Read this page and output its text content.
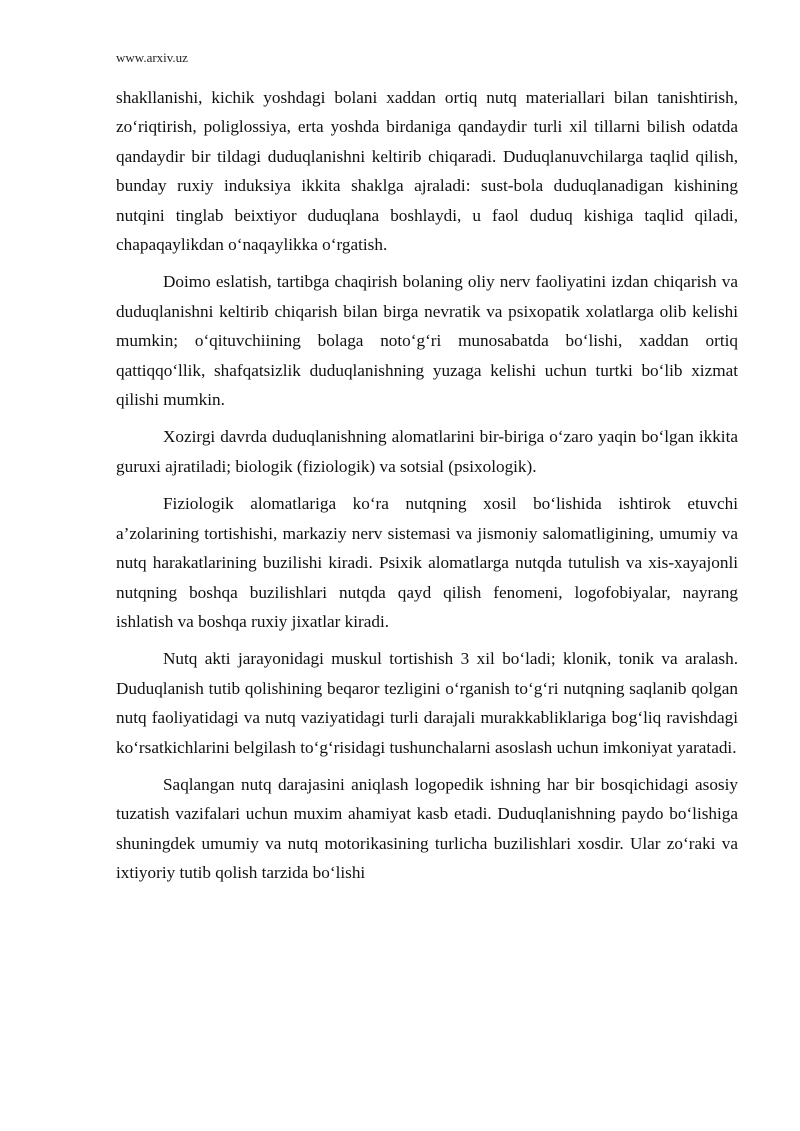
www.arxiv.uz

shakllanishi, kichik yoshdagi bolani xaddan ortiq nutq materiallari bilan tanishtirish, zo‘riqtirish, poliglossiya, erta yoshda birdaniga qandaydir turli xil tillarni bilish odatda qandaydir bir tildagi duduqlanishni keltirib chiqaradi. Duduqlanuvchilarga taqlid qilish, bunday ruxiy induksiya ikkita shaklga ajraladi: sust-bola duduqlanadigan kishining nutqini tinglab beixtiyor duduqlana boshlaydi, u faol duduq kishiga taqlid qiladi, chapaqaylikdan o‘naqaylikka o‘rgatish.

Doimo eslatish, tartibga chaqirish bolaning oliy nerv faoliyatini izdan chiqarish va duduqlanishni keltirib chiqarish bilan birga nevratik va psixopatik xolatlarga olib kelishi mumkin; o‘qituvchiining bolaga noto‘g‘ri munosabatda bo‘lishi, xaddan ortiq qattiqqo‘llik, shafqatsizlik duduqlanishning yuzaga kelishi uchun turtki bo‘lib xizmat qilishi mumkin.

Xozirgi davrda duduqlanishning alomatlarini bir-biriga o‘zaro yaqin bo‘lgan ikkita guruxi ajratiladi; biologik (fiziologik) va sotsial (psixologik).

Fiziologik alomatlariga ko‘ra nutqning xosil bo‘lishida ishtirok etuvchi a’zolarining tortishishi, markaziy nerv sistemasi va jismoniy salomatligining, umumiy va nutq harakatlarining buzilishi kiradi. Psixik alomatlarga nutqda tutulish va xis-xayajonli nutqning boshqa buzilishlari nutqda qayd qilish fenomeni, logofobiyalar, nayrang ishlatish va boshqa ruxiy jixatlar kiradi.

Nutq akti jarayonidagi muskul tortishish 3 xil bo‘ladi; klonik, tonik va aralash. Duduqlanish tutib qolishining beqaror tezligini o‘rganish to‘g‘ri nutqning saqlanib qolgan nutq faoliyatidagi va nutq vaziyatidagi turli darajali murakkabliklariga bog‘liq ravishdagi ko‘rsatkichlarini belgilash to‘g‘risidagi tushunchalarni asoslash uchun imkoniyat yaratadi.

Saqlangan nutq darajasini aniqlash logopedik ishning har bir bosqichidagi asosiy tuzatish vazifalari uchun muxim ahamiyat kasb etadi. Duduqlanishning paydo bo‘lishiga shuningdek umumiy va nutq motorikasining turlicha buzilishlari xosdir. Ular zo‘raki va ixtiyoriy tutib qolish tarzida bo‘lishi
